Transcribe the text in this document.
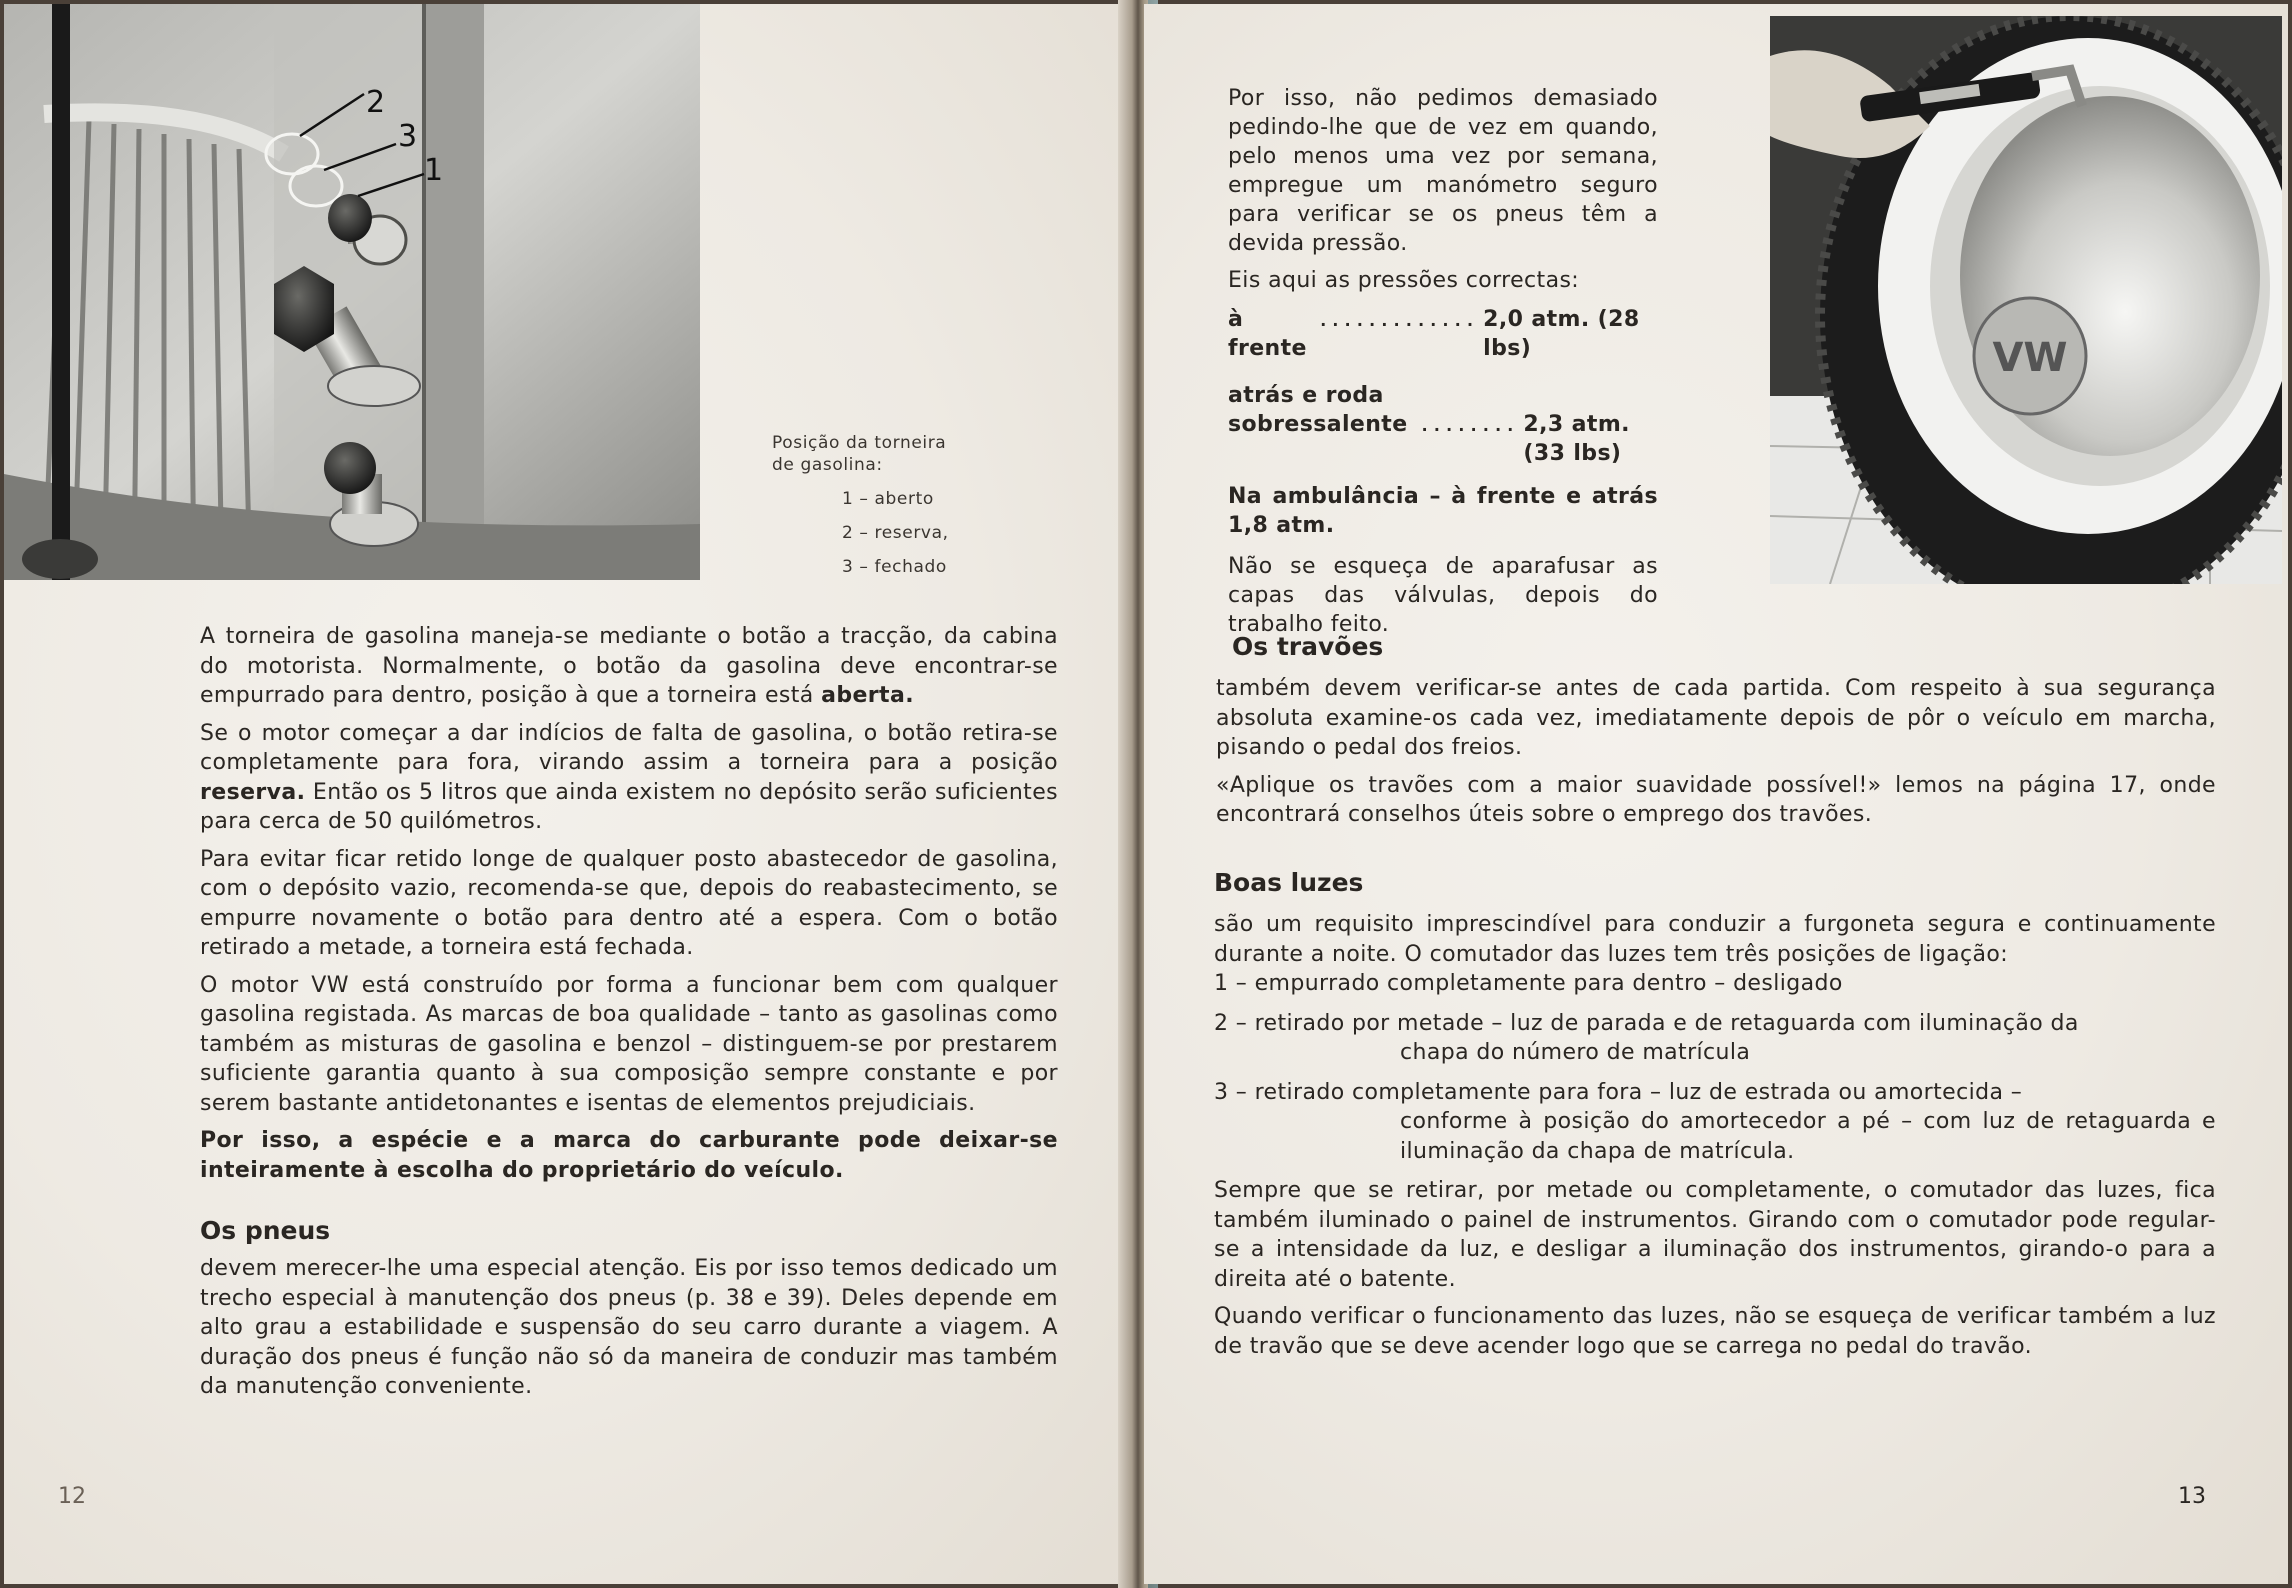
2
3
1
Posição da torneira
de gasolina:
1 – aberto
2 – reserva,
3 – fechado

A torneira de gasolina maneja-se mediante o botão a tracção, da cabina do motorista. Normalmente, o botão da gasolina deve encontrar-se empurrado para dentro, posição à que a torneira está aberta.

Se o motor começar a dar indícios de falta de gasolina, o botão retira-se completamente para fora, virando assim a torneira para a posição reserva. Então os 5 litros que ainda existem no depósito serão suficientes para cerca de 50 quilómetros.

Para evitar ficar retido longe de qualquer posto abastecedor de gasolina, com o depósito vazio, recomenda-se que, depois do reabastecimento, se empurre novamente o botão para dentro até a espera. Com o botão retirado a metade, a torneira está fechada.

O motor VW está construído por forma a funcionar bem com qualquer gasolina registada. As marcas de boa qualidade – tanto as gasolinas como também as misturas de gasolina e benzol – distinguem-se por prestarem suficiente garantia quanto à sua composição sempre constante e por serem bastante antidetonantes e isentas de elementos prejudiciais.

Por isso, a espécie e a marca do carburante pode deixar-se inteiramente à escolha do proprietário do veículo.

Os pneus

devem merecer-lhe uma especial atenção. Eis por isso temos dedicado um trecho especial à manutenção dos pneus (p. 38 e 39). Deles depende em alto grau a estabilidade e suspensão do seu carro durante a viagem. A duração dos pneus é função não só da maneira de conduzir mas também da manutenção conveniente.

12

Por isso, não pedimos demasiado pedindo-lhe que de vez em quando, pelo menos uma vez por semana, empregue um manómetro seguro para verificar se os pneus têm a devida pressão.

Eis aqui as pressões correctas:

à frente
............. 2,0 atm. (28 lbs)
atrás e roda
sobressalente ........ 2,3 atm. (33 lbs)

Na ambulância – à frente e atrás 1,8 atm.

Não se esqueça de aparafusar as capas das válvulas, depois do trabalho feito.

VW
Os travões

também devem verificar-se antes de cada partida. Com respeito à sua segurança absoluta examine-os cada vez, imediatamente depois de pôr o veículo em marcha, pisando o pedal dos freios.

«Aplique os travões com a maior suavidade possível!» lemos na página 17, onde encontrará conselhos úteis sobre o emprego dos travões.

Boas luzes

são um requisito imprescindível para conduzir a furgoneta segura e continuamente durante a noite. O comutador das luzes tem três posições de ligação:

1 – empurrado completamente para dentro – desligado

2 – retirado por metade – luz de parada e de retaguarda com iluminação da

chapa do número de matrícula

3 – retirado completamente para fora – luz de estrada ou amortecida –

conforme à posição do amortecedor a pé – com luz de retaguarda e iluminação da chapa de matrícula.

Sempre que se retirar, por metade ou completamente, o comutador das luzes, fica também iluminado o painel de instrumentos. Girando com o comutador pode regular-se a intensidade da luz, e desligar a iluminação dos instrumentos, girando-o para a direita até o batente.

Quando verificar o funcionamento das luzes, não se esqueça de verificar também a luz de travão que se deve acender logo que se carrega no pedal do travão.

13
